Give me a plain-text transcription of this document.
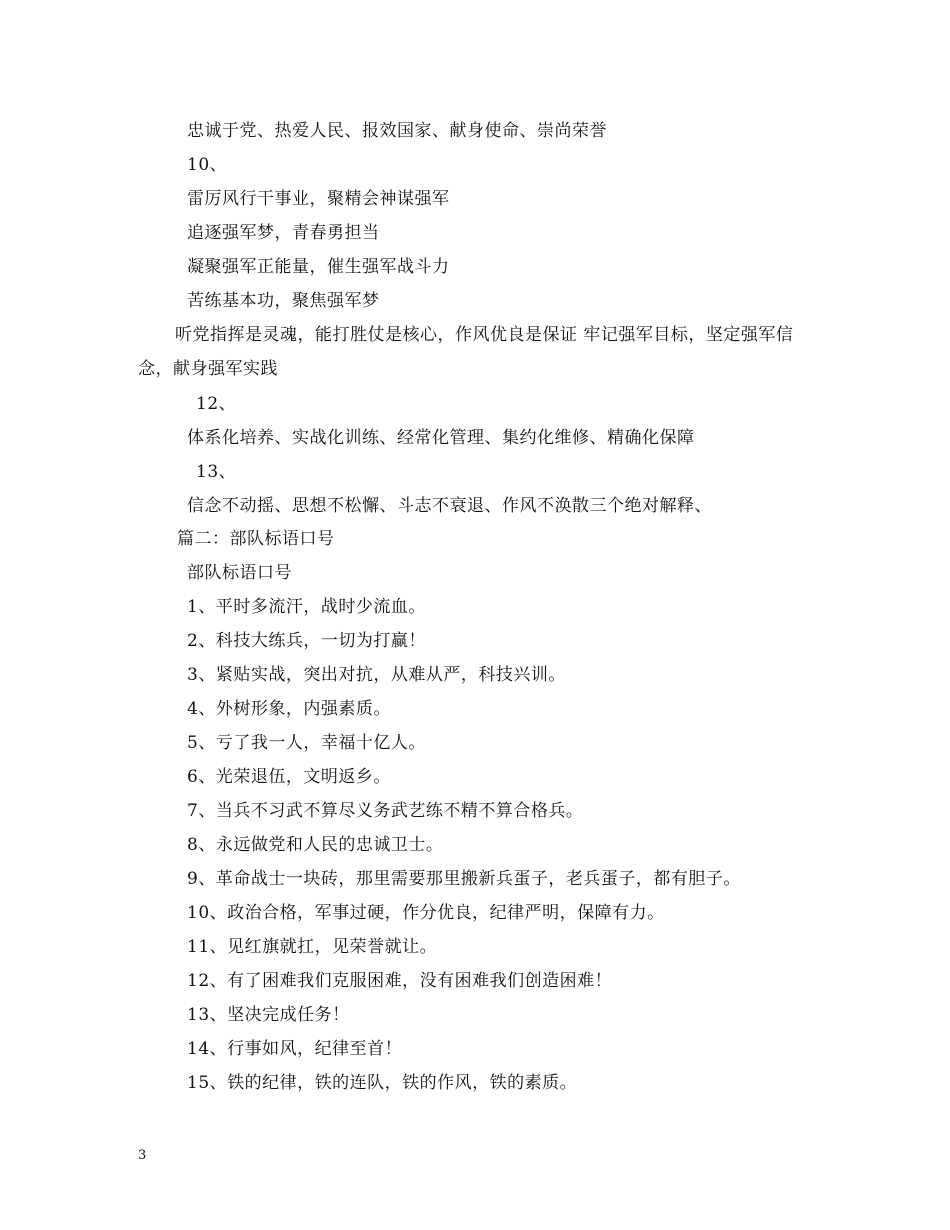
忠诚于党、热爱人民、报效国家、献身使命、崇尚荣誉
10、
雷厉风行干事业，聚精会神谋强军
追逐强军梦，青春勇担当
凝聚强军正能量，催生强军战斗力
苦练基本功，聚焦强军梦
听党指挥是灵魂，能打胜仗是核心，作风优良是保证 牢记强军目标，坚定强军信念，献身强军实践
12、
体系化培养、实战化训练、经常化管理、集约化维修、精确化保障
13、
信念不动摇、思想不松懈、斗志不衰退、作风不涣散三个绝对解释、
篇二：部队标语口号
部队标语口号
1、平时多流汗，战时少流血。
2、科技大练兵，一切为打赢！
3、紧贴实战，突出对抗，从难从严，科技兴训。
4、外树形象，内强素质。
5、亏了我一人，幸福十亿人。
6、光荣退伍，文明返乡。
7、当兵不习武不算尽义务武艺练不精不算合格兵。
8、永远做党和人民的忠诚卫士。
9、革命战士一块砖，那里需要那里搬新兵蛋子，老兵蛋子，都有胆子。
10、政治合格，军事过硬，作分优良，纪律严明，保障有力。
11、见红旗就扛，见荣誉就让。
12、有了困难我们克服困难，没有困难我们创造困难！
13、坚决完成任务！
14、行事如风，纪律至首！
15、铁的纪律，铁的连队，铁的作风，铁的素质。
3
